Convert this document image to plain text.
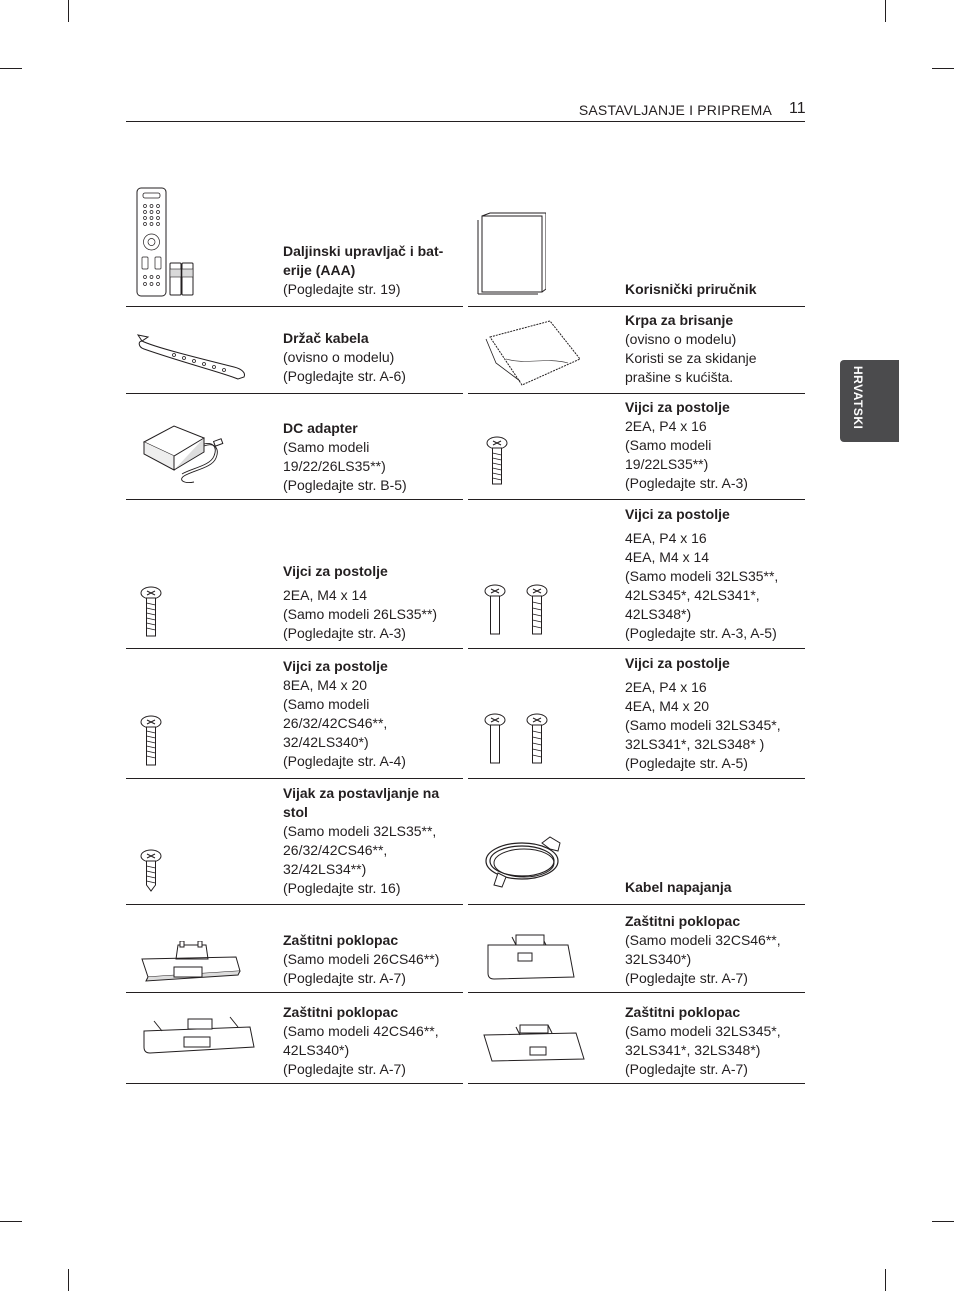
SASTAVLJANJE I PRIPREMA 11
HRVATSKI
Daljinski upravljač i bat-erije (AAA)
(Pogledajte str. 19)	Korisnički priručnik
Držač kabela
(ovisno o modelu)
(Pogledajte str. A-6)
Krpa za brisanje
(ovisno o modelu)
Koristi se za skidanje
prašine s kućišta.
DC adapter
(Samo modeli
19/22/26LS35**)
(Pogledajte str. B-5)
Vijci za postolje
2EA, P4 x 16
(Samo modeli
19/22LS35**)
(Pogledajte str. A-3)
Vijci za postolje
2EA, M4 x 14
(Samo modeli 26LS35**)
(Pogledajte str. A-3)
Vijci za postolje
4EA, P4 x 16
4EA, M4 x 14
(Samo modeli 32LS35**,
42LS345*, 42LS341*,
42LS348*)
(Pogledajte str. A-3, A-5)
Vijci za postolje
8EA, M4 x 20
(Samo modeli
26/32/42CS46**,
32/42LS340*)
(Pogledajte str. A-4)
Vijci za postolje
2EA, P4 x 16
4EA, M4 x 20
(Samo modeli 32LS345*,
32LS341*, 32LS348* )
(Pogledajte str. A-5)
Vijak za postavljanje na stol
(Samo modeli 32LS35**,
26/32/42CS46**,
32/42LS34**)
(Pogledajte str. 16)	Kabel napajanja
Zaštitni poklopac
(Samo modeli 26CS46**)
(Pogledajte str. A-7)
Zaštitni poklopac
(Samo modeli 32CS46**,
32LS340*)
(Pogledajte str. A-7)
Zaštitni poklopac
(Samo modeli 42CS46**,
42LS340*)
(Pogledajte str. A-7)
Zaštitni poklopac
(Samo modeli 32LS345*,
32LS341*, 32LS348*)
(Pogledajte str. A-7)
